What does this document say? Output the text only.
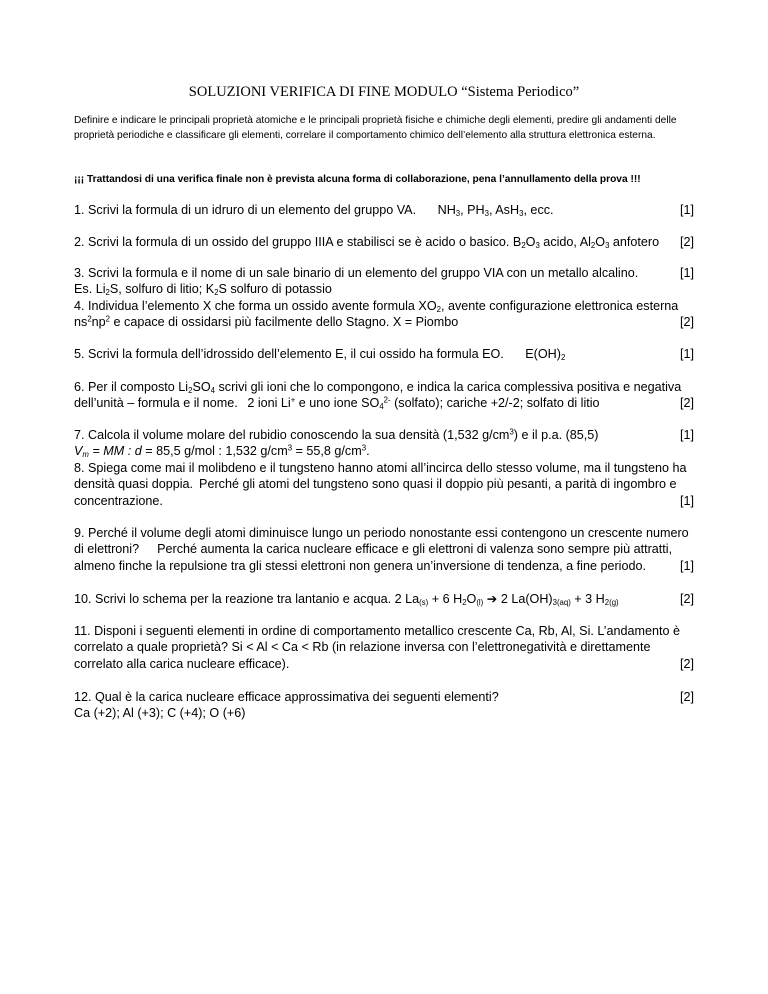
SOLUZIONI VERIFICA DI FINE MODULO “Sistema Periodico”
Definire e indicare le principali proprietà atomiche e le principali proprietà fisiche e chimiche degli elementi, predire gli andamenti delle proprietà periodiche e classificare gli elementi, correlare il comportamento chimico dell’elemento alla struttura elettronica esterna.
¡¡¡ Trattandosi di una verifica finale non è prevista alcuna forma di collaborazione, pena l’annullamento della prova !!!

1. Scrivi la formula di un idruro di un elemento del gruppo VA. $NH_3$, $PH_3$, AsH$_3$, ecc.	[1]

2. Scrivi la formula di un ossido del gruppo IIIA e stabilisci se è acido o basico. $B_2O_3$ acido, $Al_2O_3$ anfotero [2]

3. Scrivi la formula e il nome di un sale binario di un elemento del gruppo VIA con un metallo alcalino.	[1]

Es. $Li_2S$, solfuro di litio; $K_2S$ solfuro di potassio

4. Individua l’elemento X che forma un ossido avente formula $XO_2$, avente configurazione elettronica esterna

$ns^2np^2$ e capace di ossidarsi più facilmente dello Stagno. X = Piombo	[2]

5. Scrivi la formula dell’idrossido dell’elemento E, il cui ossido ha formula EO. $E(OH)_2$	[1]

6. Per il composto $Li_2SO_4$ scrivi gli ioni che lo compongono, e indica la carica complessiva positiva e negativa

dell’unità – formula e il nome. 2 ioni Li+ e uno ione $SO_4^{2-}$ (solfato); cariche +2/-2; solfato di litio	[2]

7. Calcola il volume molare del rubidio conoscendo la sua densità (1,532 $g/cm^3$) e il p.a. (85,5)	[1]

$V_m$ = MM : d = 85,5 g/mol : 1,532 $g/cm^3 = 55,8$ $g/cm^3$.

8. Spiega come mai il molibdeno e il tungsteno hanno atomi all’incirca dello stesso volume, ma il tungsteno ha

densità quasi doppia. Perché gli atomi del tungsteno sono quasi il doppio più pesanti, a parità di ingombro e

concentrazione.	[1]

9. Perché il volume degli atomi diminuisce lungo un periodo nonostante essi contengono un crescente numero

di elettroni? Perché aumenta la carica nucleare efficace e gli elettroni di valenza sono sempre più attratti,

almeno finche la repulsione tra gli stessi elettroni non genera un’inversione di tendenza, a fine periodo.	[1]

10. Scrivi lo schema per la reazione tra lantanio e acqua. 2 $La_{(s)} + 6$ $H_2O_{(l)}$ ➔ 2 $La(OH)_{3(aq)} + 3$ $H_{2(g)}$	[2]

11. Disponi i seguenti elementi in ordine di comportamento metallico crescente Ca, Rb, Al, Si. L’andamento è

correlato a quale proprietà? Si < Al < Ca < Rb (in relazione inversa con l’elettronegatività e direttamente

correlato alla carica nucleare efficace).	[2]

12. Qual è la carica nucleare efficace approssimativa dei seguenti elementi?	[2]

Ca (+2); Al (+3); C (+4); O (+6)
